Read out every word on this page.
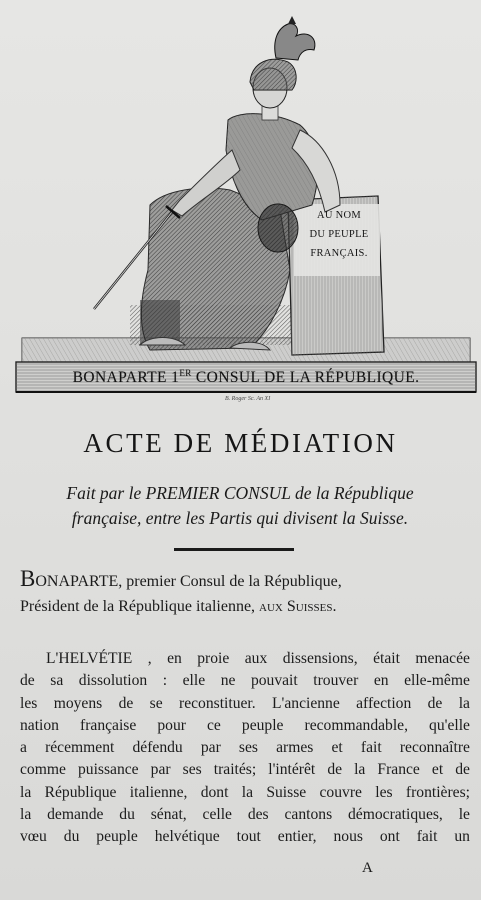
AU NOM
DU PEUPLE
FRANÇAIS.
BONAPARTE 1ER CONSUL DE LA RÉPUBLIQUE.
B. Roger Sc. An XI
ACTE DE MÉDIATION
Fait par le PREMIER CONSUL de la République
française, entre les Partis qui divisent la Suisse.
BONAPARTE, premier Consul de la République,
Président de la République italienne, aux Suisses.
L'HELVÉTIE , en proie aux dissensions, était menacée
de sa dissolution : elle ne pouvait trouver en elle-même
les moyens de se reconstituer. L'ancienne affection de la
nation française pour ce peuple recommandable, qu'elle
a récemment défendu par ses armes et fait reconnaître
comme puissance par ses traités; l'intérêt de la France et de
la République italienne, dont la Suisse couvre les frontières;
la demande du sénat, celle des cantons démocratiques, le
vœu du peuple helvétique tout entier, nous ont fait un
A
